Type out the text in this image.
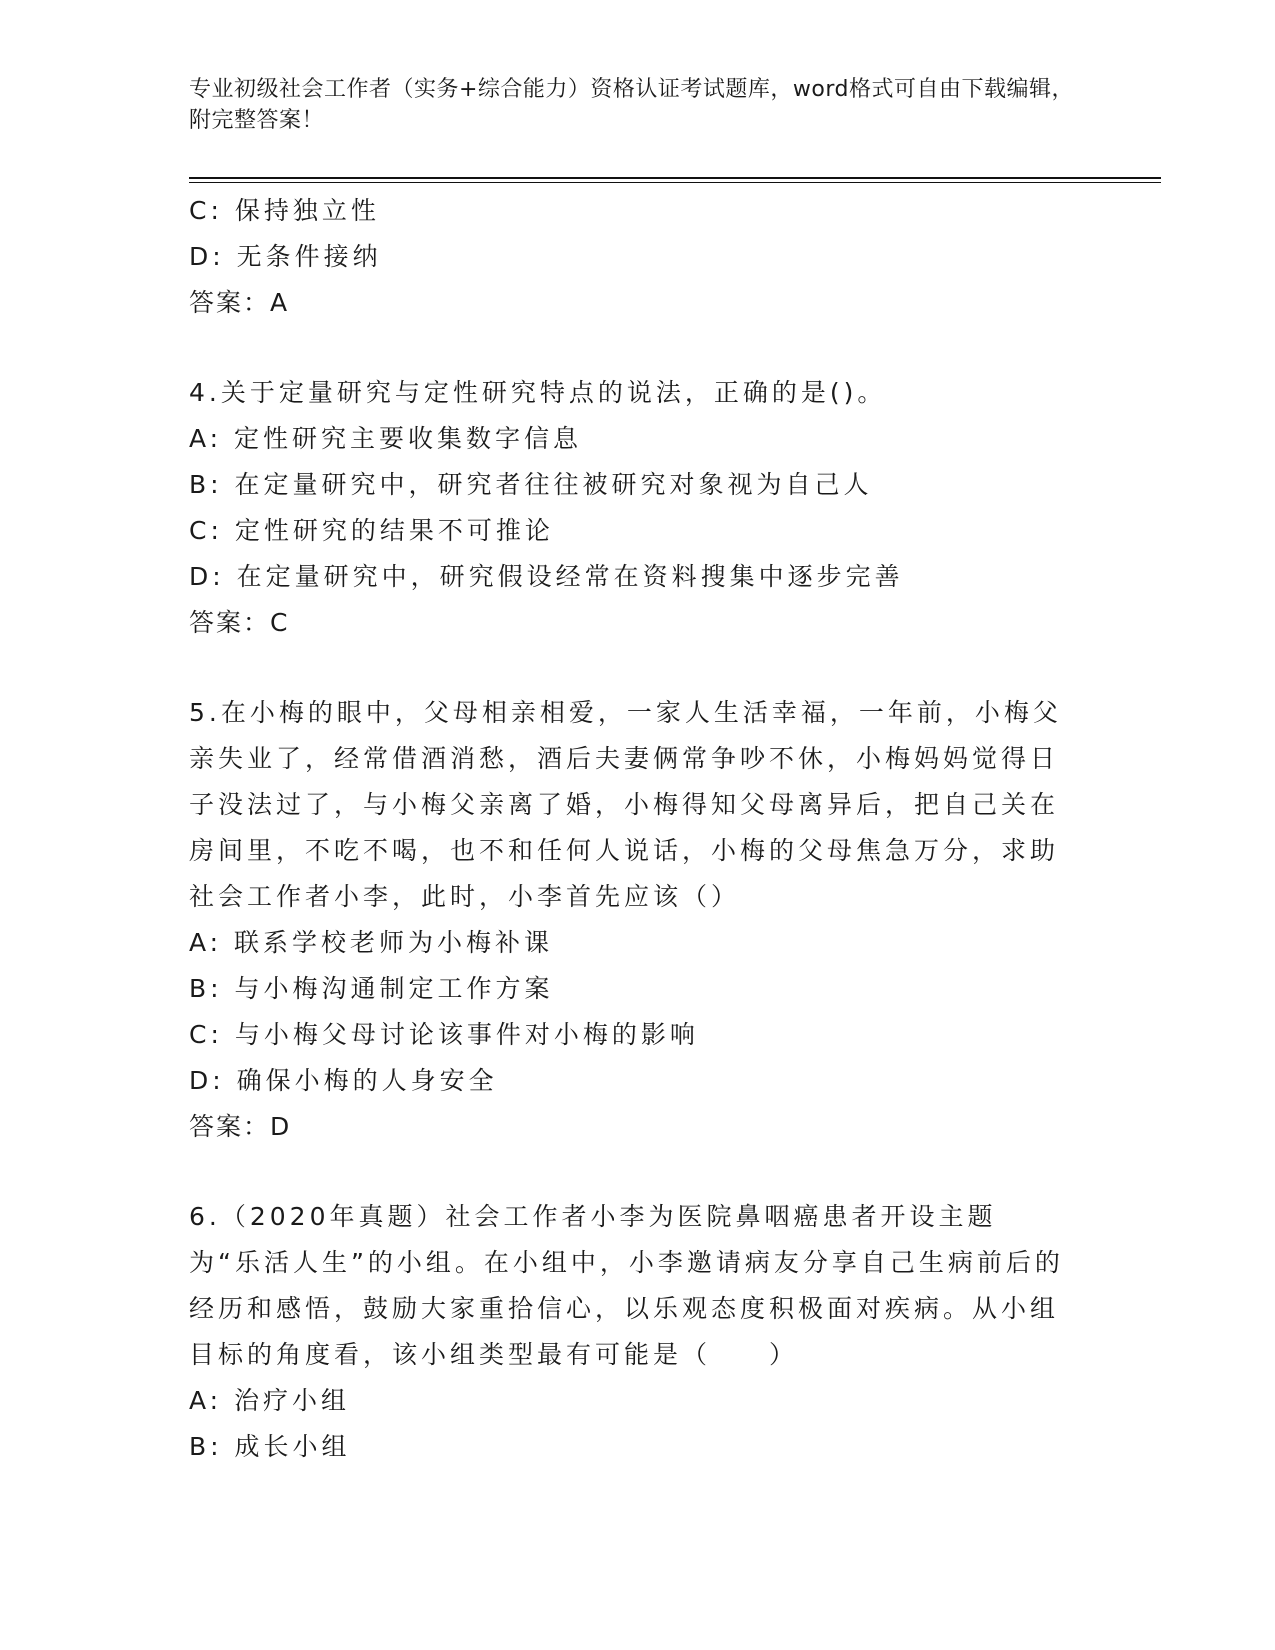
专业初级社会工作者（实务+综合能力）资格认证考试题库，word格式可自由下载编辑，附完整答案！

C: 保持独立性

D: 无条件接纳

答案：A

4.关于定量研究与定性研究特点的说法，正确的是()。

A: 定性研究主要收集数字信息

B: 在定量研究中，研究者往往被研究对象视为自己人

C: 定性研究的结果不可推论

D: 在定量研究中，研究假设经常在资料搜集中逐步完善

答案：C

5.在小梅的眼中，父母相亲相爱，一家人生活幸福，一年前，小梅父亲失业了，经常借酒消愁，酒后夫妻俩常争吵不休，小梅妈妈觉得日子没法过了，与小梅父亲离了婚，小梅得知父母离异后，把自己关在房间里，不吃不喝，也不和任何人说话，小梅的父母焦急万分，求助社会工作者小李，此时，小李首先应该（）

A: 联系学校老师为小梅补课

B: 与小梅沟通制定工作方案

C: 与小梅父母讨论该事件对小梅的影响

D: 确保小梅的人身安全

答案：D

6.（2020年真题）社会工作者小李为医院鼻咽癌患者开设主题为“乐活人生”的小组。在小组中，小李邀请病友分享自己生病前后的经历和感悟，鼓励大家重拾信心，以乐观态度积极面对疾病。从小组目标的角度看，该小组类型最有可能是（　　）

A: 治疗小组

B: 成长小组
